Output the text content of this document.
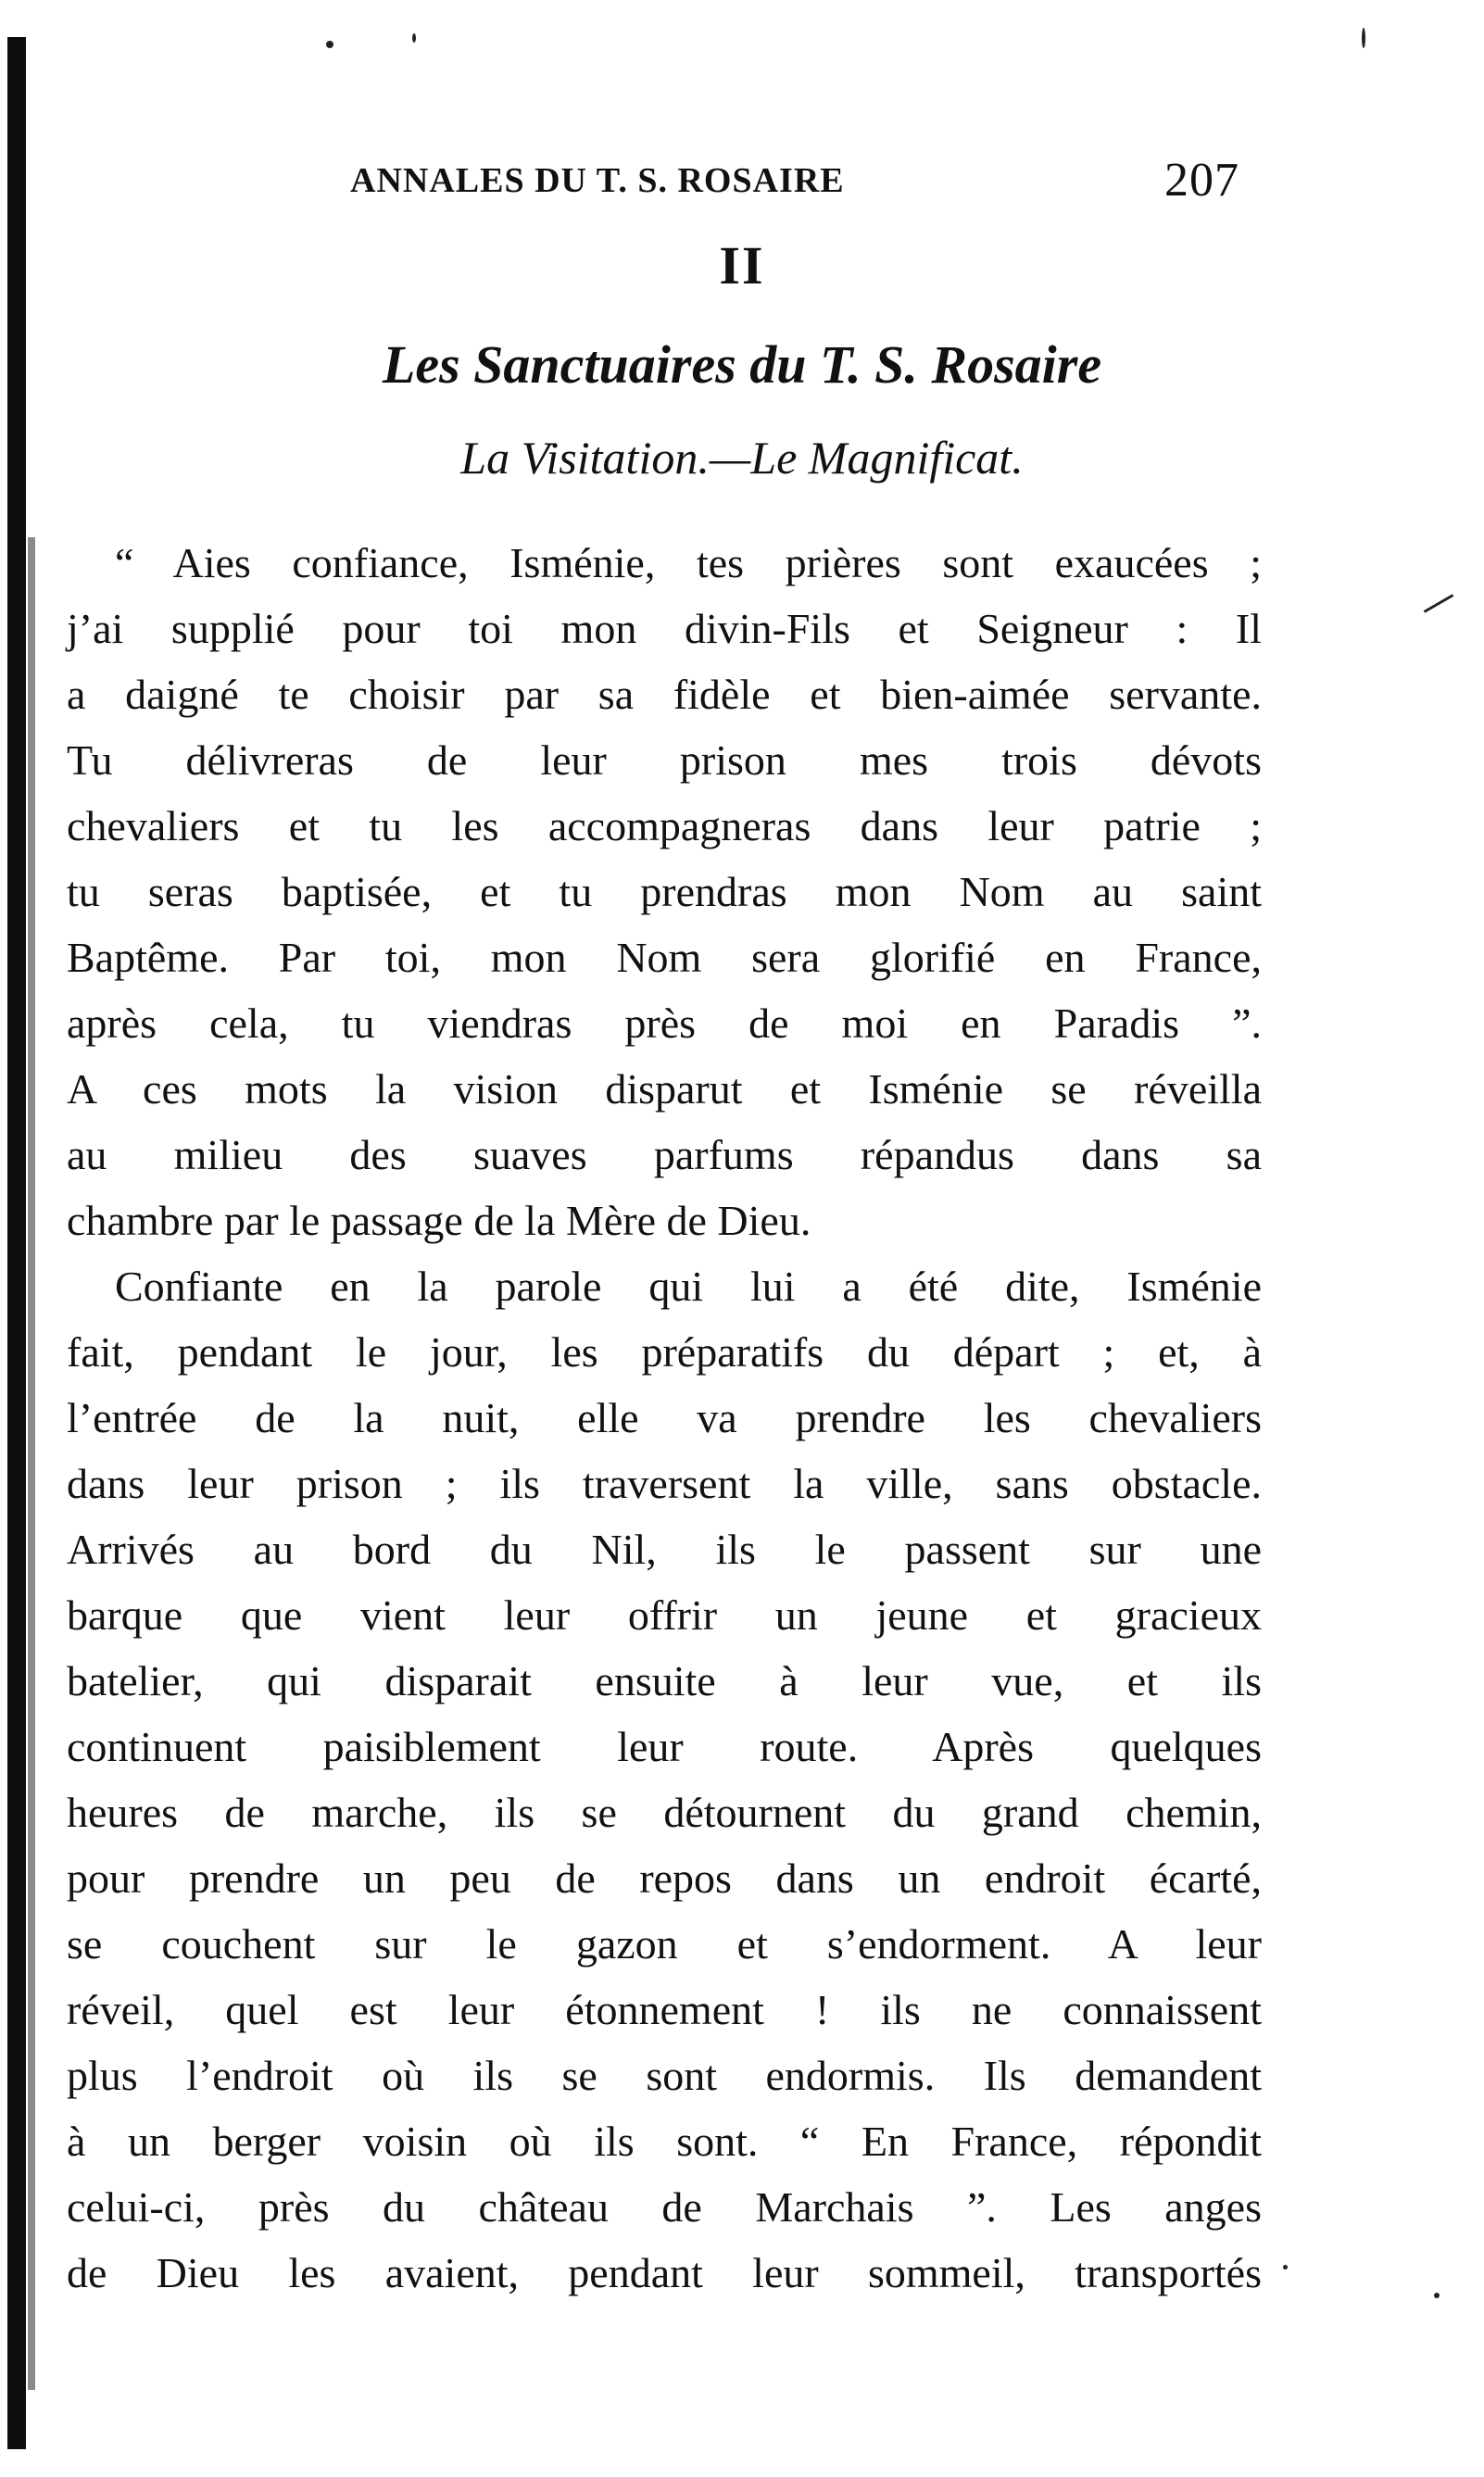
ANNALES DU T. S. ROSAIRE	207
II
Les Sanctuaires du T. S. Rosaire
La Visitation.—Le Magnificat.
“ Aies confiance, Isménie, tes prières sont exaucées ;
j’ai supplié pour toi mon divin-Fils et Seigneur : Il
a daigné te choisir par sa fidèle et bien-aimée servante.
Tu délivreras de leur prison mes trois dévots
chevaliers et tu les accompagneras dans leur patrie ;
tu seras baptisée, et tu prendras mon Nom au saint
Baptême. Par toi, mon Nom sera glorifié en France,
après cela, tu viendras près de moi en Paradis ”.
A ces mots la vision disparut et Isménie se réveilla
au milieu des suaves parfums répandus dans sa
chambre par le passage de la Mère de Dieu.
Confiante en la parole qui lui a été dite, Isménie
fait, pendant le jour, les préparatifs du départ ; et, à
l’entrée de la nuit, elle va prendre les chevaliers
dans leur prison ; ils traversent la ville, sans obstacle.
Arrivés au bord du Nil, ils le passent sur une
barque que vient leur offrir un jeune et gracieux
batelier, qui disparait ensuite à leur vue, et ils
continuent paisiblement leur route. Après quelques
heures de marche, ils se détournent du grand chemin,
pour prendre un peu de repos dans un endroit écarté,
se couchent sur le gazon et s’endorment. A leur
réveil, quel est leur étonnement ! ils ne connaissent
plus l’endroit où ils se sont endormis. Ils demandent
à un berger voisin où ils sont. “ En France, répondit
celui-ci, près du château de Marchais ”. Les anges
de Dieu les avaient, pendant leur sommeil, transportés
